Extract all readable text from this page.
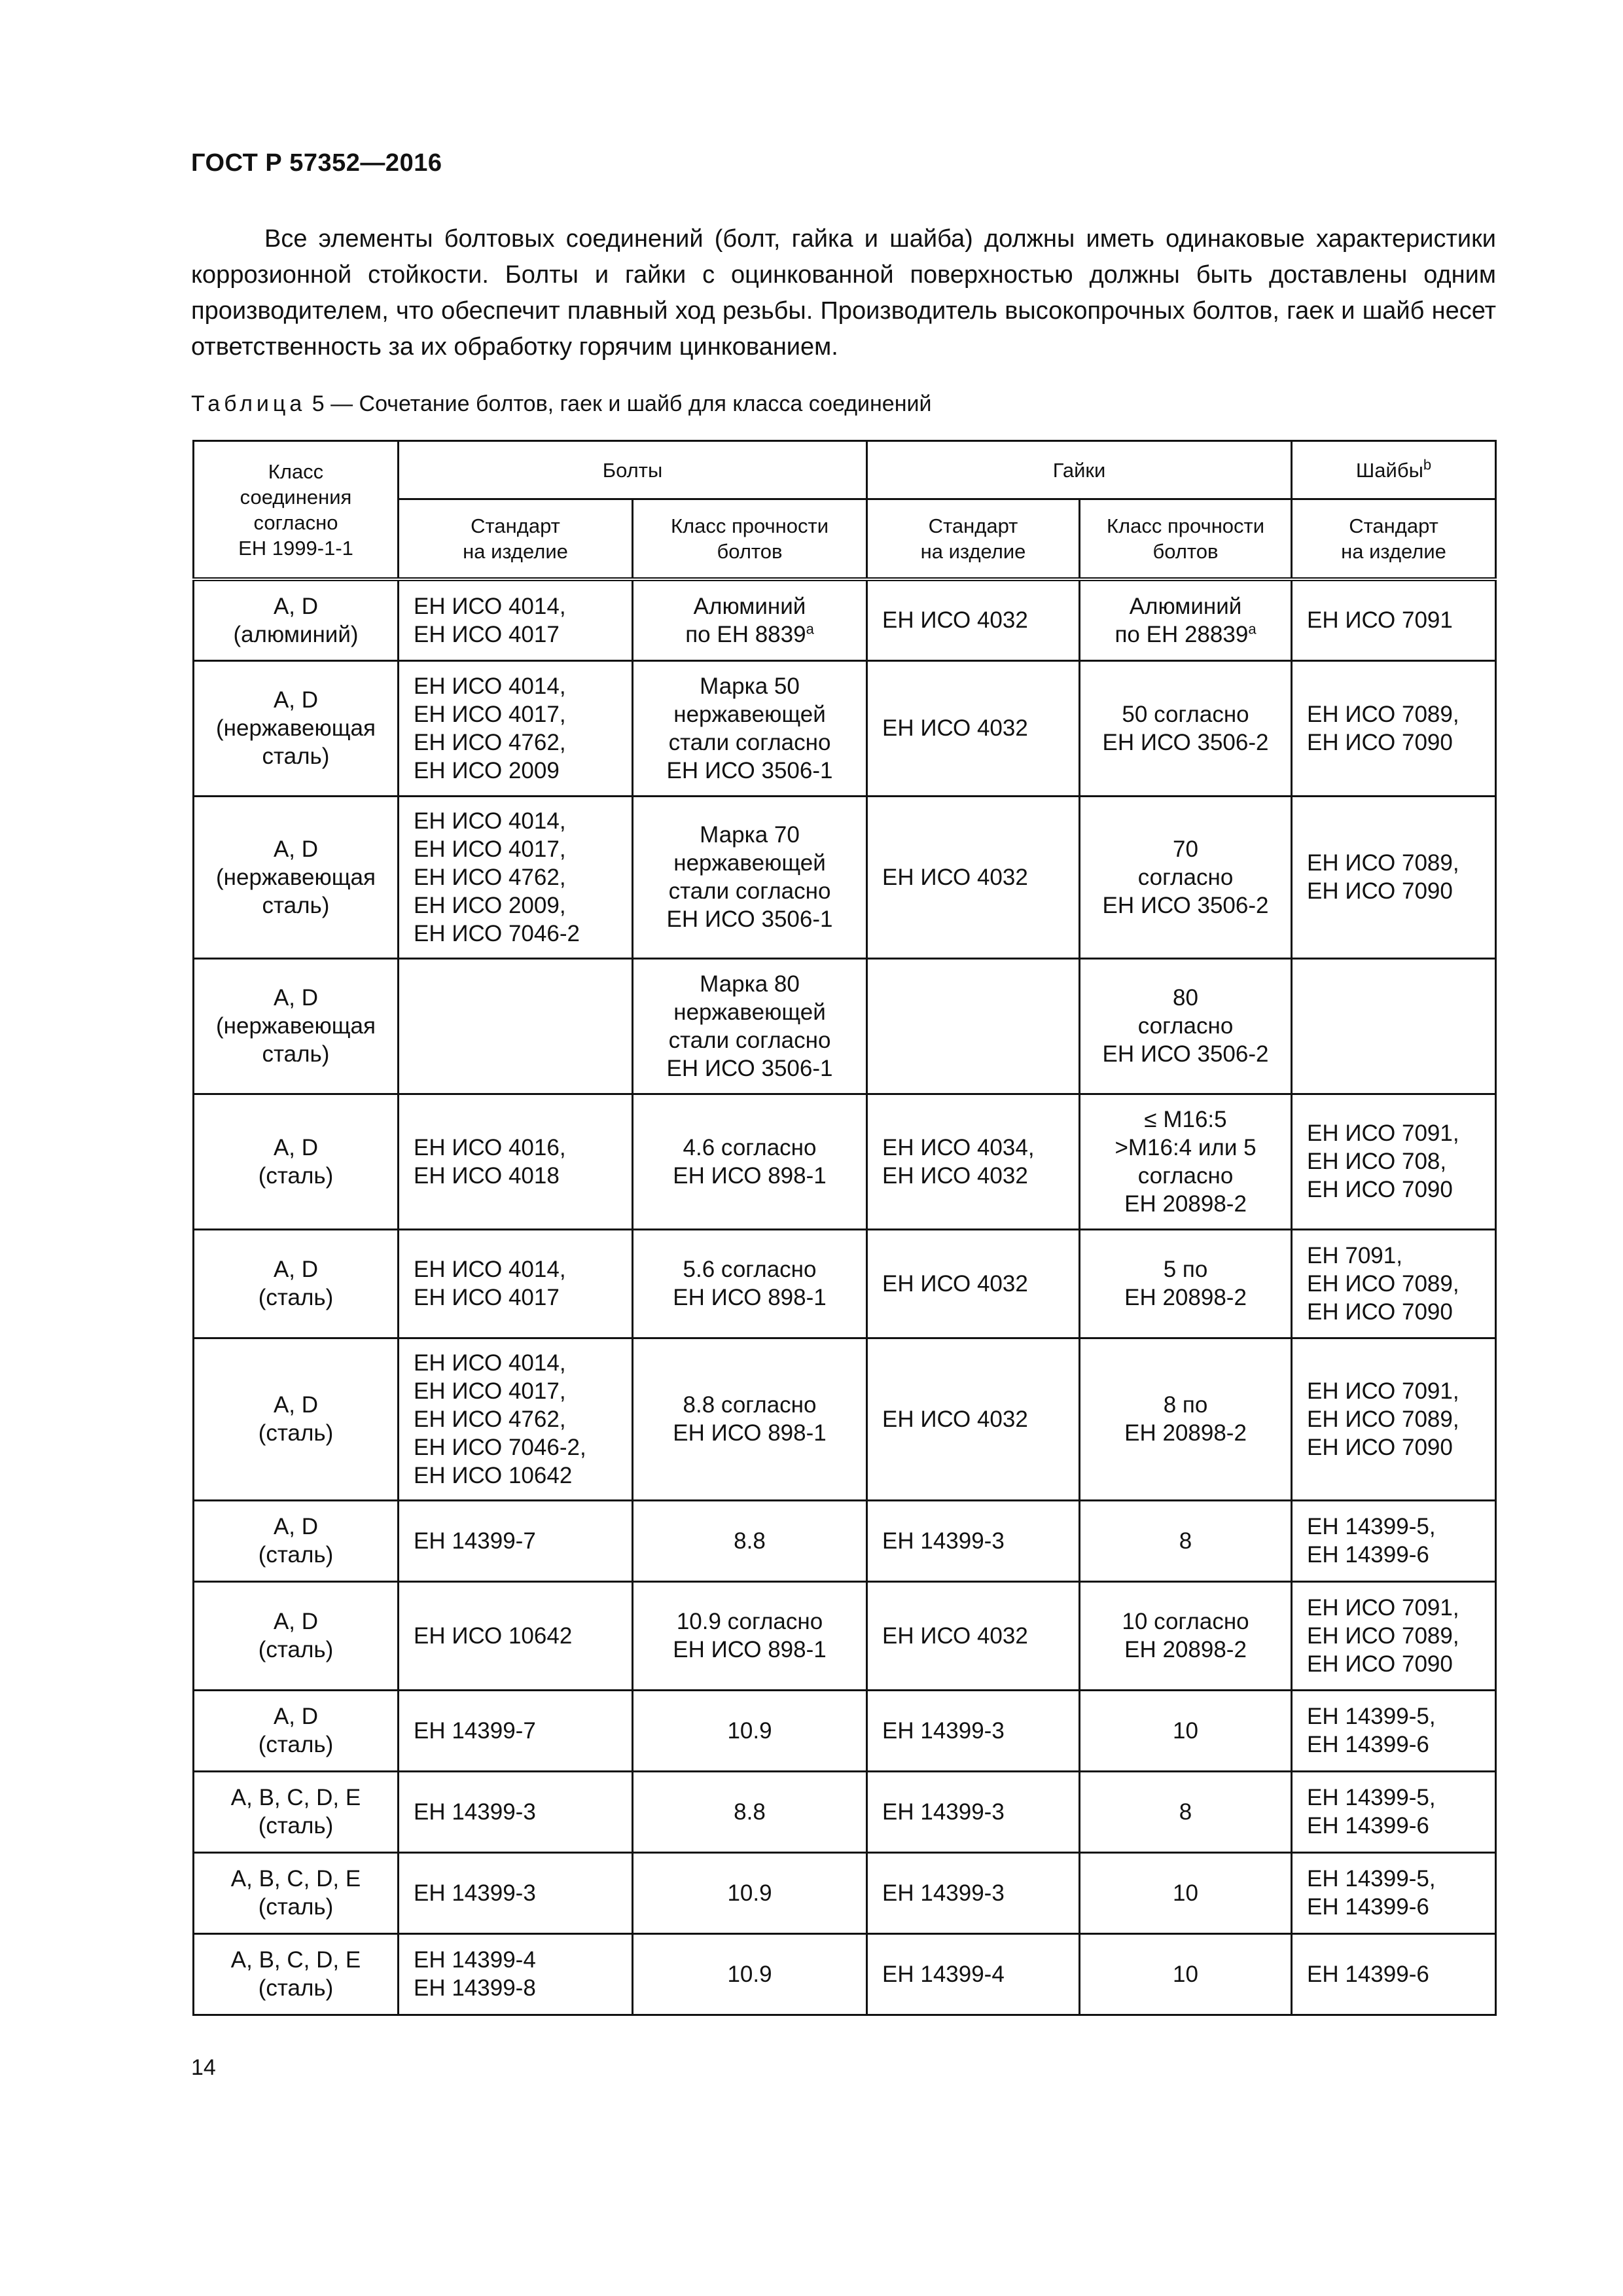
ГОСТ Р 57352—2016

Все элементы болтовых соединений (болт, гайка и шайба) должны иметь одинаковые характеристики коррозионной стойкости. Болты и гайки с оцинкованной поверхностью должны быть доставлены одним производителем, что обеспечит плавный ход резьбы. Производитель высокопрочных болтов, гаек и шайб несет ответственность за их обработку горячим цинкованием.

Таблица 5 — Сочетание болтов, гаек и шайб для класса соединений
Класс
соединения
согласно
ЕН 1999-1-1	Болты		Гайки		Шайбы$^b$
	Стандарт
на изделие	Класс прочности
болтов	Стандарт
на изделие	Класс прочности
болтов	Стандарт
на изделие
A, D
(алюминий)	ЕН ИСО 4014,
ЕН ИСО 4017	Алюминий
по ЕН 8839$^a$	ЕН ИСО 4032	Алюминий
по ЕН 28839$^a$	ЕН ИСО 7091
A, D
(нержавеющая
сталь)	ЕН ИСО 4014,
ЕН ИСО 4017,
ЕН ИСО 4762,
ЕН ИСО 2009	Марка 50
нержавеющей
стали согласно
ЕН ИСО 3506-1	ЕН ИСО 4032	50 согласно
ЕН ИСО 3506-2	ЕН ИСО 7089,
ЕН ИСО 7090
A, D
(нержавеющая
сталь)	ЕН ИСО 4014,
ЕН ИСО 4017,
ЕН ИСО 4762,
ЕН ИСО 2009,
ЕН ИСО 7046-2	Марка 70
нержавеющей
стали согласно
ЕН ИСО 3506-1	ЕН ИСО 4032	70
согласно
ЕН ИСО 3506-2	ЕН ИСО 7089,
ЕН ИСО 7090
A, D
(нержавеющая
сталь)		Марка 80
нержавеющей
стали согласно
ЕН ИСО 3506-1		80
согласно
ЕН ИСО 3506-2	
A, D
(сталь)	ЕН ИСО 4016,
ЕН ИСО 4018	4.6 согласно
ЕН ИСО 898-1	ЕН ИСО 4034,
ЕН ИСО 4032	≤ M16:5
>M16:4 или 5
согласно
ЕН 20898-2	ЕН ИСО 7091,
ЕН ИСО 708,
ЕН ИСО 7090
A, D
(сталь)	ЕН ИСО 4014,
ЕН ИСО 4017	5.6 согласно
ЕН ИСО 898-1	ЕН ИСО 4032	5 по
ЕН 20898-2	ЕН 7091,
ЕН ИСО 7089,
ЕН ИСО 7090
A, D
(сталь)	ЕН ИСО 4014,
ЕН ИСО 4017,
ЕН ИСО 4762,
ЕН ИСО 7046-2,
ЕН ИСО 10642	8.8 согласно
ЕН ИСО 898-1	ЕН ИСО 4032	8 по
ЕН 20898-2	ЕН ИСО 7091,
ЕН ИСО 7089,
ЕН ИСО 7090
A, D
(сталь)	ЕН 14399-7	8.8	ЕН 14399-3	8	ЕН 14399-5,
ЕН 14399-6
A, D
(сталь)	ЕН ИСО 10642	10.9 согласно
ЕН ИСО 898-1	ЕН ИСО 4032	10 согласно
ЕН 20898-2	ЕН ИСО 7091,
ЕН ИСО 7089,
ЕН ИСО 7090
A, D
(сталь)	ЕН 14399-7	10.9	ЕН 14399-3	10	ЕН 14399-5,
ЕН 14399-6
A, B, C, D, E
(сталь)	ЕН 14399-3	8.8	ЕН 14399-3	8	ЕН 14399-5,
ЕН 14399-6
A, B, C, D, E
(сталь)	ЕН 14399-3	10.9	ЕН 14399-3	10	ЕН 14399-5,
ЕН 14399-6
A, B, C, D, E
(сталь)	ЕН 14399-4
ЕН 14399-8	10.9	ЕН 14399-4	10	ЕН 14399-6
14
